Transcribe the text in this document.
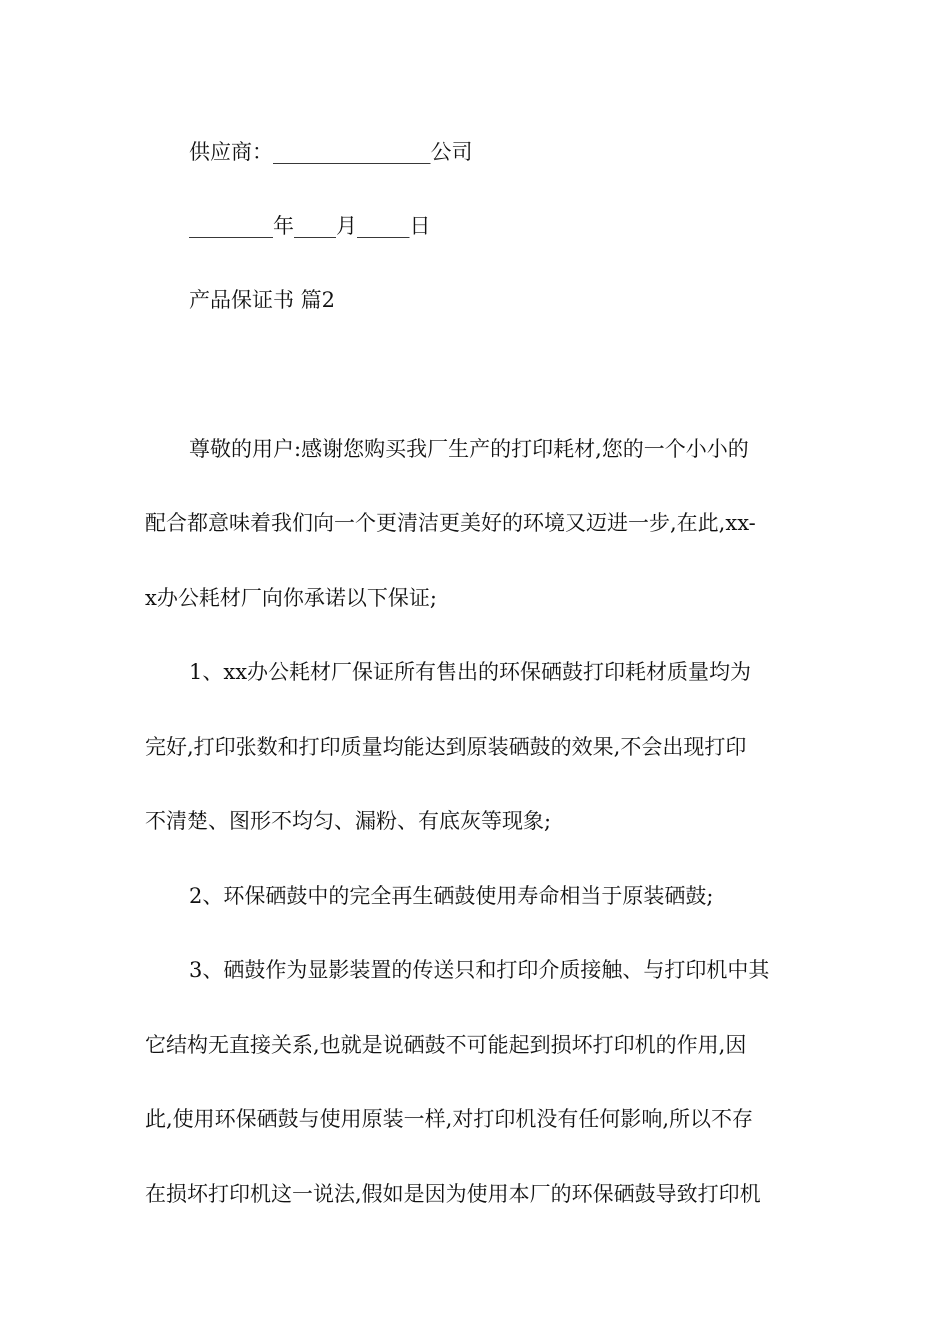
供应商：_______________公司

________年____月_____日

产品保证书 篇2

尊敬的用户:感谢您购买我厂生产的打印耗材,您的一个小小的

配合都意味着我们向一个更清洁更美好的环境又迈进一步,在此,xx-

x办公耗材厂向你承诺以下保证;

1、xx办公耗材厂保证所有售出的环保硒鼓打印耗材质量均为

完好,打印张数和打印质量均能达到原装硒鼓的效果,不会出现打印

不清楚、图形不均匀、漏粉、有底灰等现象;

2、环保硒鼓中的完全再生硒鼓使用寿命相当于原装硒鼓;

3、硒鼓作为显影装置的传送只和打印介质接触、与打印机中其

它结构无直接关系,也就是说硒鼓不可能起到损坏打印机的作用,因

此,使用环保硒鼓与使用原装一样,对打印机没有任何影响,所以不存

在损坏打印机这一说法,假如是因为使用本厂的环保硒鼓导致打印机
